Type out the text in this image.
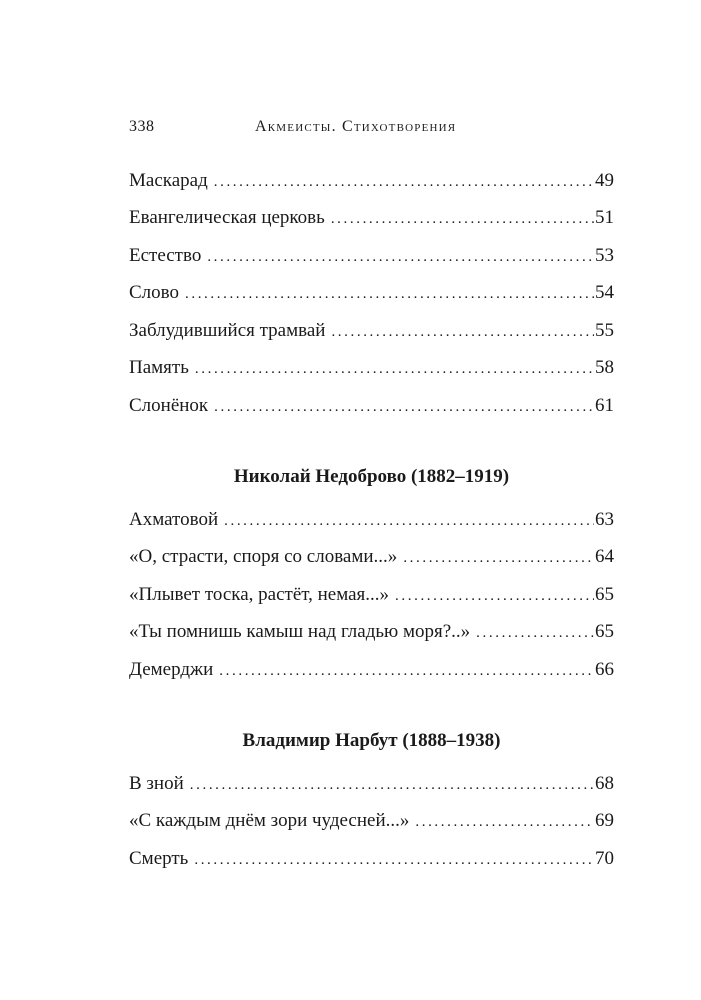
338	Акмеисты. Стихотворения
Маскарад .....	49
Евангелическая церковь .....	51
Естество .....	53
Слово .....	54
Заблудившийся трамвай .....	55
Память .....	58
Слонёнок .....	61
Николай Недоброво (1882–1919)
Ахматовой .....	63
«О, страсти, споря со словами...» .....	64
«Плывет тоска, растёт, немая...» .....	65
«Ты помнишь камыш над гладью моря?..» .....	65
Демерджи .....	66
Владимир Нарбут (1888–1938)
В зной .....	68
«С каждым днём зори чудесней...» .....	69
Смерть .....	70
